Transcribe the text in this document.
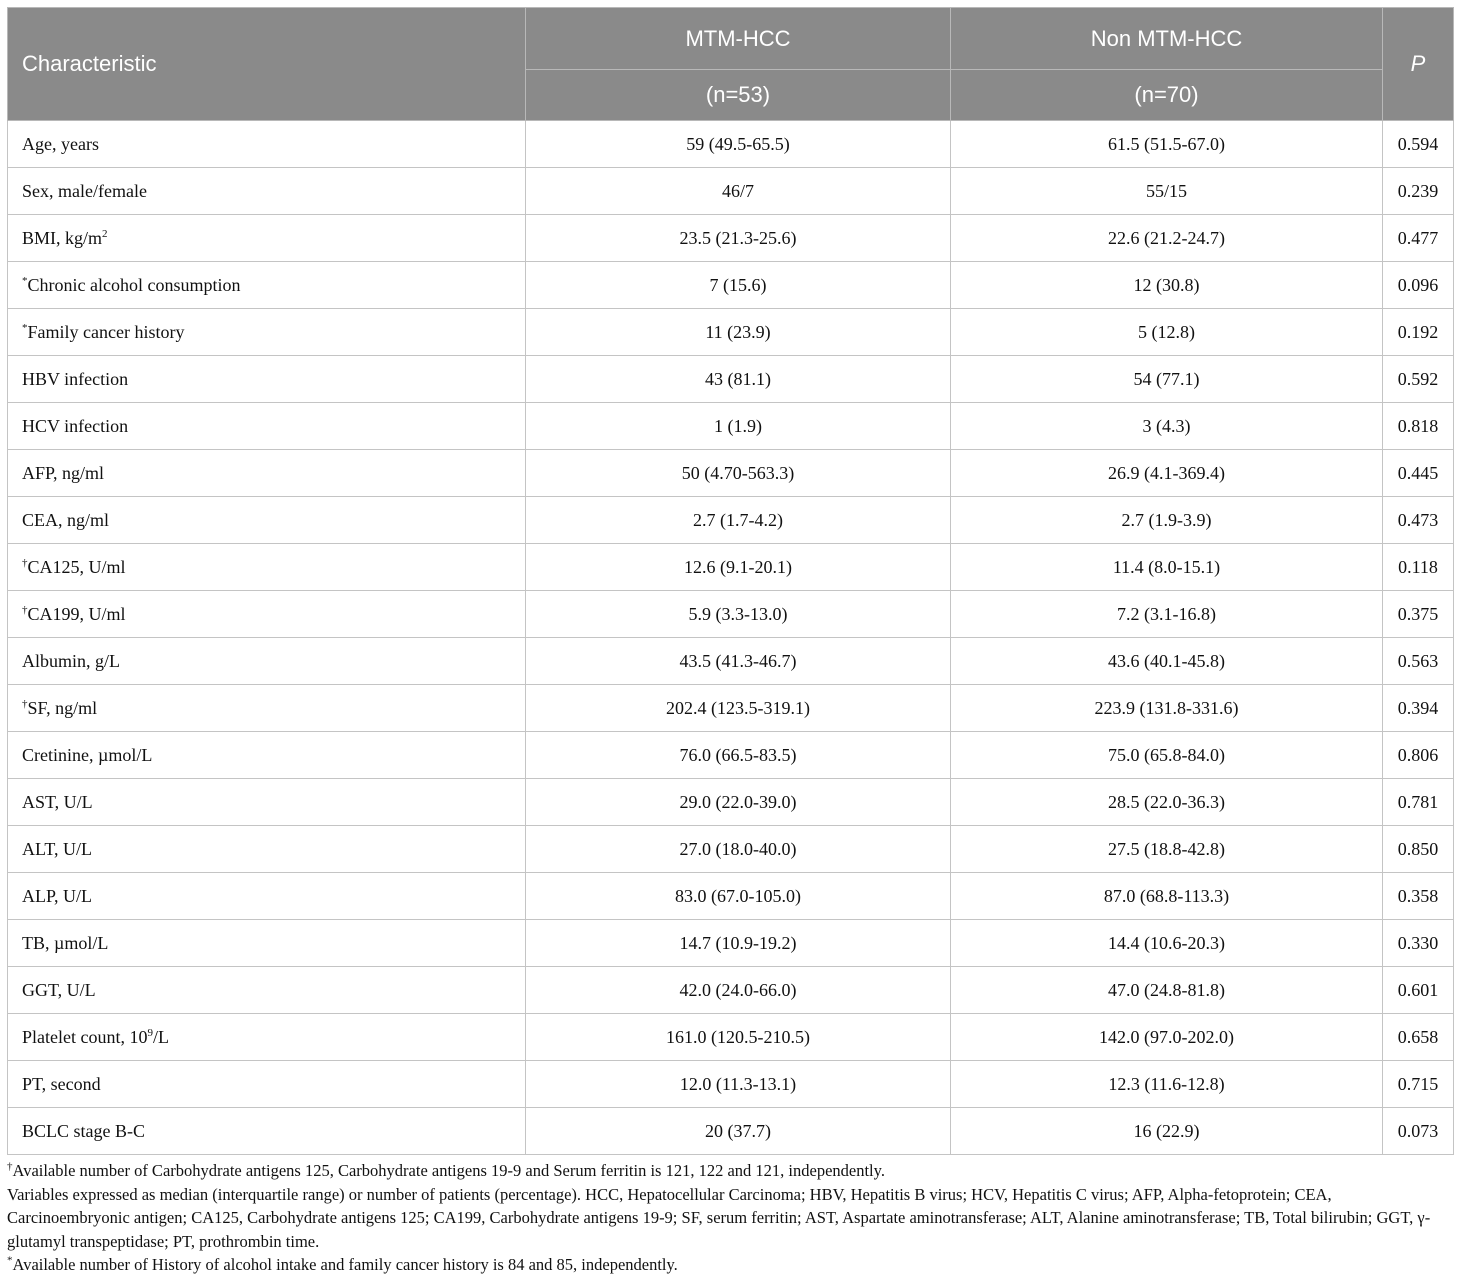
Characteristic	MTM-HCC	Non MTM-HCC	P
	(n=53)	(n=70)	
Age, years	59 (49.5-65.5)	61.5 (51.5-67.0)	0.594
Sex, male/female	46/7	55/15	0.239
BMI, $kg/m^2$	23.5 (21.3-25.6)	22.6 (21.2-24.7)	0.477
*Chronic alcohol consumption	7 (15.6)	12 (30.8)	0.096
*Family cancer history	11 (23.9)	5 (12.8)	0.192
HBV infection	43 (81.1)	54 (77.1)	0.592
HCV infection	1 (1.9)	3 (4.3)	0.818
AFP, ng/ml	50 (4.70-563.3)	26.9 (4.1-369.4)	0.445
CEA, ng/ml	2.7 (1.7-4.2)	2.7 (1.9-3.9)	0.473
†CA125, U/ml	12.6 (9.1-20.1)	11.4 (8.0-15.1)	0.118
†CA199, U/ml	5.9 (3.3-13.0)	7.2 (3.1-16.8)	0.375
Albumin, g/L	43.5 (41.3-46.7)	43.6 (40.1-45.8)	0.563
†SF, ng/ml	202.4 (123.5-319.1)	223.9 (131.8-331.6)	0.394
Cretinine, µmol/L	76.0 (66.5-83.5)	75.0 (65.8-84.0)	0.806
AST, U/L	29.0 (22.0-39.0)	28.5 (22.0-36.3)	0.781
ALT, U/L	27.0 (18.0-40.0)	27.5 (18.8-42.8)	0.850
ALP, U/L	83.0 (67.0-105.0)	87.0 (68.8-113.3)	0.358
TB, µmol/L	14.7 (10.9-19.2)	14.4 (10.6-20.3)	0.330
GGT, U/L	42.0 (24.0-66.0)	47.0 (24.8-81.8)	0.601
Platelet count, $10^9/L$	161.0 (120.5-210.5)	142.0 (97.0-202.0)	0.658
PT, second	12.0 (11.3-13.1)	12.3 (11.6-12.8)	0.715
BCLC stage B-C	20 (37.7)	16 (22.9)	0.073

†Available number of Carbohydrate antigens 125, Carbohydrate antigens 19-9 and Serum ferritin is 121, 122 and 121, independently.

Variables expressed as median (interquartile range) or number of patients (percentage). HCC, Hepatocellular Carcinoma; HBV, Hepatitis B virus; HCV, Hepatitis C virus; AFP, Alpha-fetoprotein; CEA, Carcinoembryonic antigen; CA125, Carbohydrate antigens 125; CA199, Carbohydrate antigens 19-9; SF, serum ferritin; AST, Aspartate aminotransferase; ALT, Alanine aminotransferase; TB, Total bilirubin; GGT, γ-glutamyl transpeptidase; PT, prothrombin time.

*Available number of History of alcohol intake and family cancer history is 84 and 85, independently.
